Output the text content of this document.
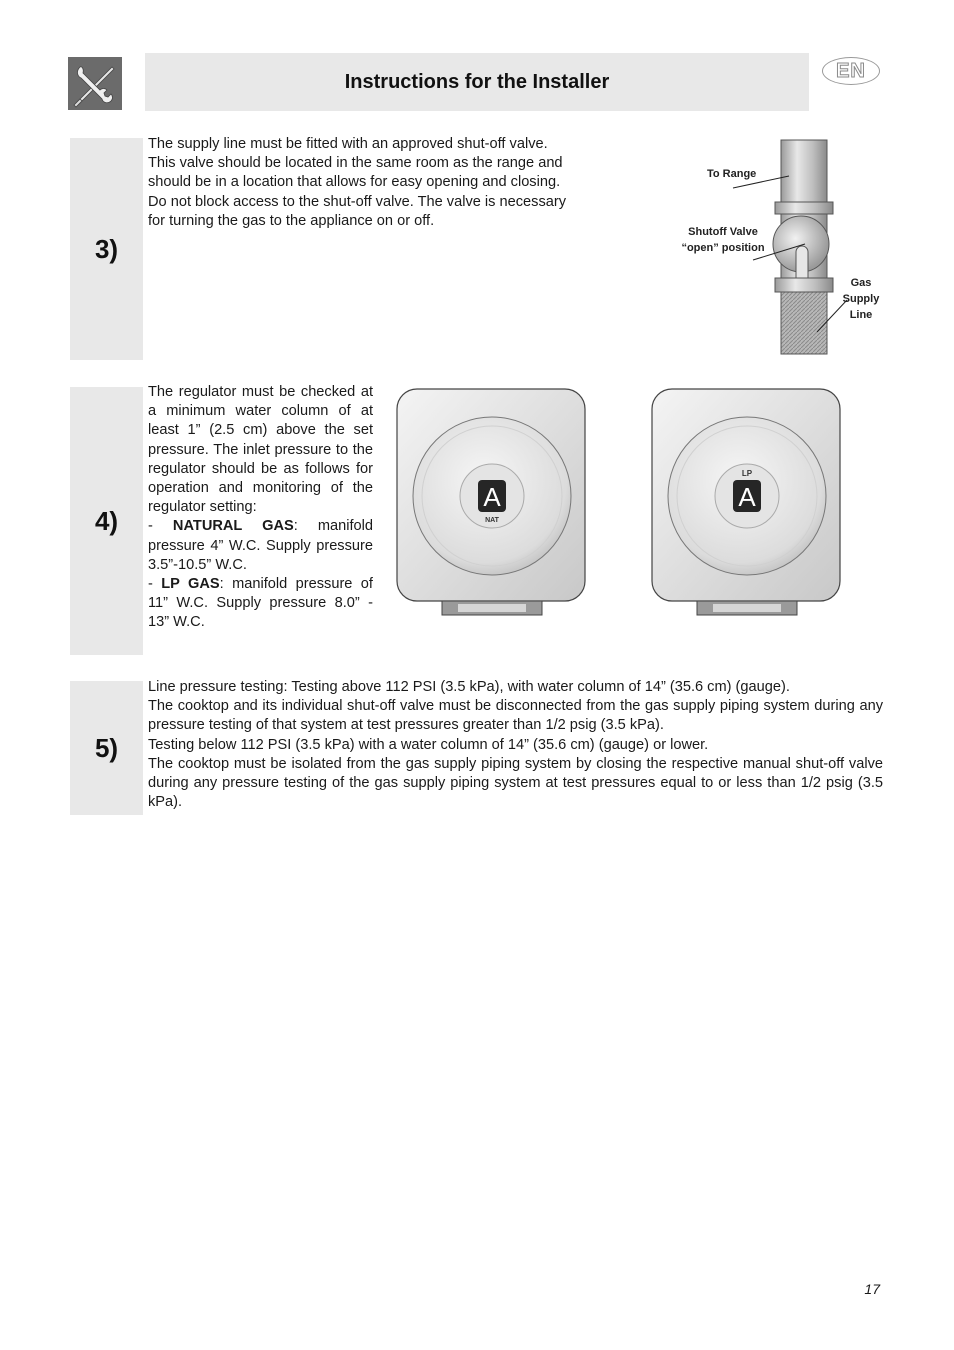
Instructions for the Installer	EN
3)

The supply line must be fitted with an approved shut-off valve.

This valve should be located in the same room as the range and

should be in a location that allows for easy opening and closing.

Do not block access to the shut-off valve. The valve is necessary

for turning the gas to the appliance on or off.

To Range
Shutoff Valve
“open” position
Gas
Supply
Line
4)

The regulator must be checked at a minimum water column of at least 1” (2.5 cm) above the set pressure. The inlet pressure to the regulator should be as follows for operation and monitoring of the regulator setting:

- NATURAL GAS: manifold pressure 4” W.C. Supply pressure 3.5”-10.5” W.C.

- LP GAS: manifold pressure of 11” W.C. Supply pressure 8.0” - 13” W.C.

A
NAT
LP
A
5)

Line pressure testing: Testing above 112 PSI (3.5 kPa), with water column of 14” (35.6 cm) (gauge).

The cooktop and its individual shut-off valve must be disconnected from the gas supply piping system during any pressure testing of that system at test pressures greater than 1/2 psig (3.5 kPa).

Testing below 112 PSI (3.5 kPa) with a water column of 14” (35.6 cm) (gauge) or lower.

The cooktop must be isolated from the gas supply piping system by closing the respective manual shut-off valve during any pressure testing of the gas supply piping system at test pressures equal to or less than 1/2 psig (3.5 kPa).

17
